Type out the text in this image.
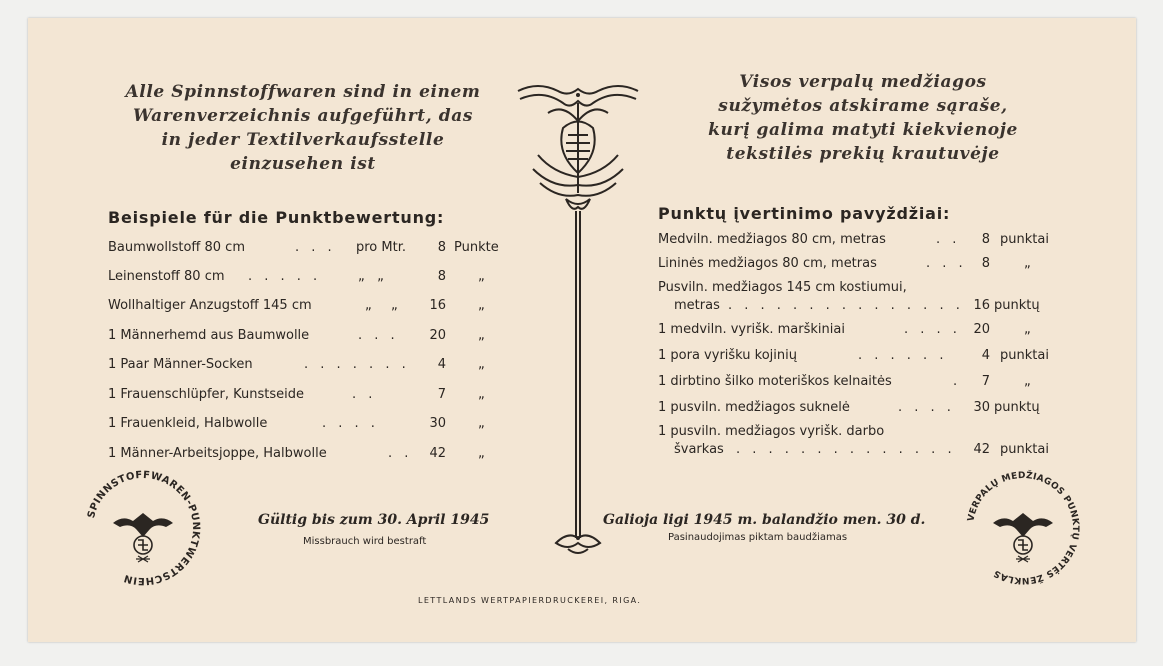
Alle Spinnstoffwaren sind in einem
Warenverzeichnis aufgeführt, das
in jeder Textilverkaufsstelle
einzusehen ist
Visos verpalų medžiagos
sužymėtos atskirame sąraše,
kurį galima matyti kiekvienoje
tekstilės prekių krautuvėje
Beispiele für die Punktbewertung:	Punktų įvertinimo pavyždžiai:
Baumwollstoff 80 cm	. . . pro Mtr.	8 Punkte
Leinenstoff 80 cm . . . . .	„   „	8 „
Wollhaltiger Anzugstoff 145 cm	„ „ 16 „
1 Männerhemd aus Baumwolle	. . . 20 „
1 Paar Männer-Socken	. . . . . . .	4 „
1 Frauenschlüpfer, Kunstseide	. .	7 „
1 Frauenkleid, Halbwolle	. . . .	30 „
1 Männer-Arbeitsjoppe, Halbwolle	. . 42 „
Medviln. medžiagos 80 cm, metras	. .	8 punktai
Lininės medžiagos 80 cm, metras	. . .	8	„
Pusviln. medžiagos 145 cm kostiumui,
metras . . . . . . . . . . . . . . . 16 punktų
1 medviln. vyrišk. marškiniai	. . . . 20	„
1 pora vyrišku kojinių	. . . . . .	4 punktai
1 dirbtino šilko moteriškos kelnaitės	.	7	„
1 pusviln. medžiagos suknelė	. . . .	30 punktų
1 pusviln. medžiagos vyrišk. darbo
švarkas . . . . . . . . . . . . . .	42 punktai
Gültig bis zum 30. April 1945
Missbrauch wird bestraft
Galioja ligi 1945 m. balandžio men. 30 d.
Pasinaudojimas piktam baudžiamas
LETTLANDS WERTPAPIERDRUCKEREI, RIGA.
SPINNSTOFFWAREN-PUNKTWERTSCHEIN
VERPALŲ MEDŽIAGOS PUNKTŲ VERTĖS ŽENKLAS
